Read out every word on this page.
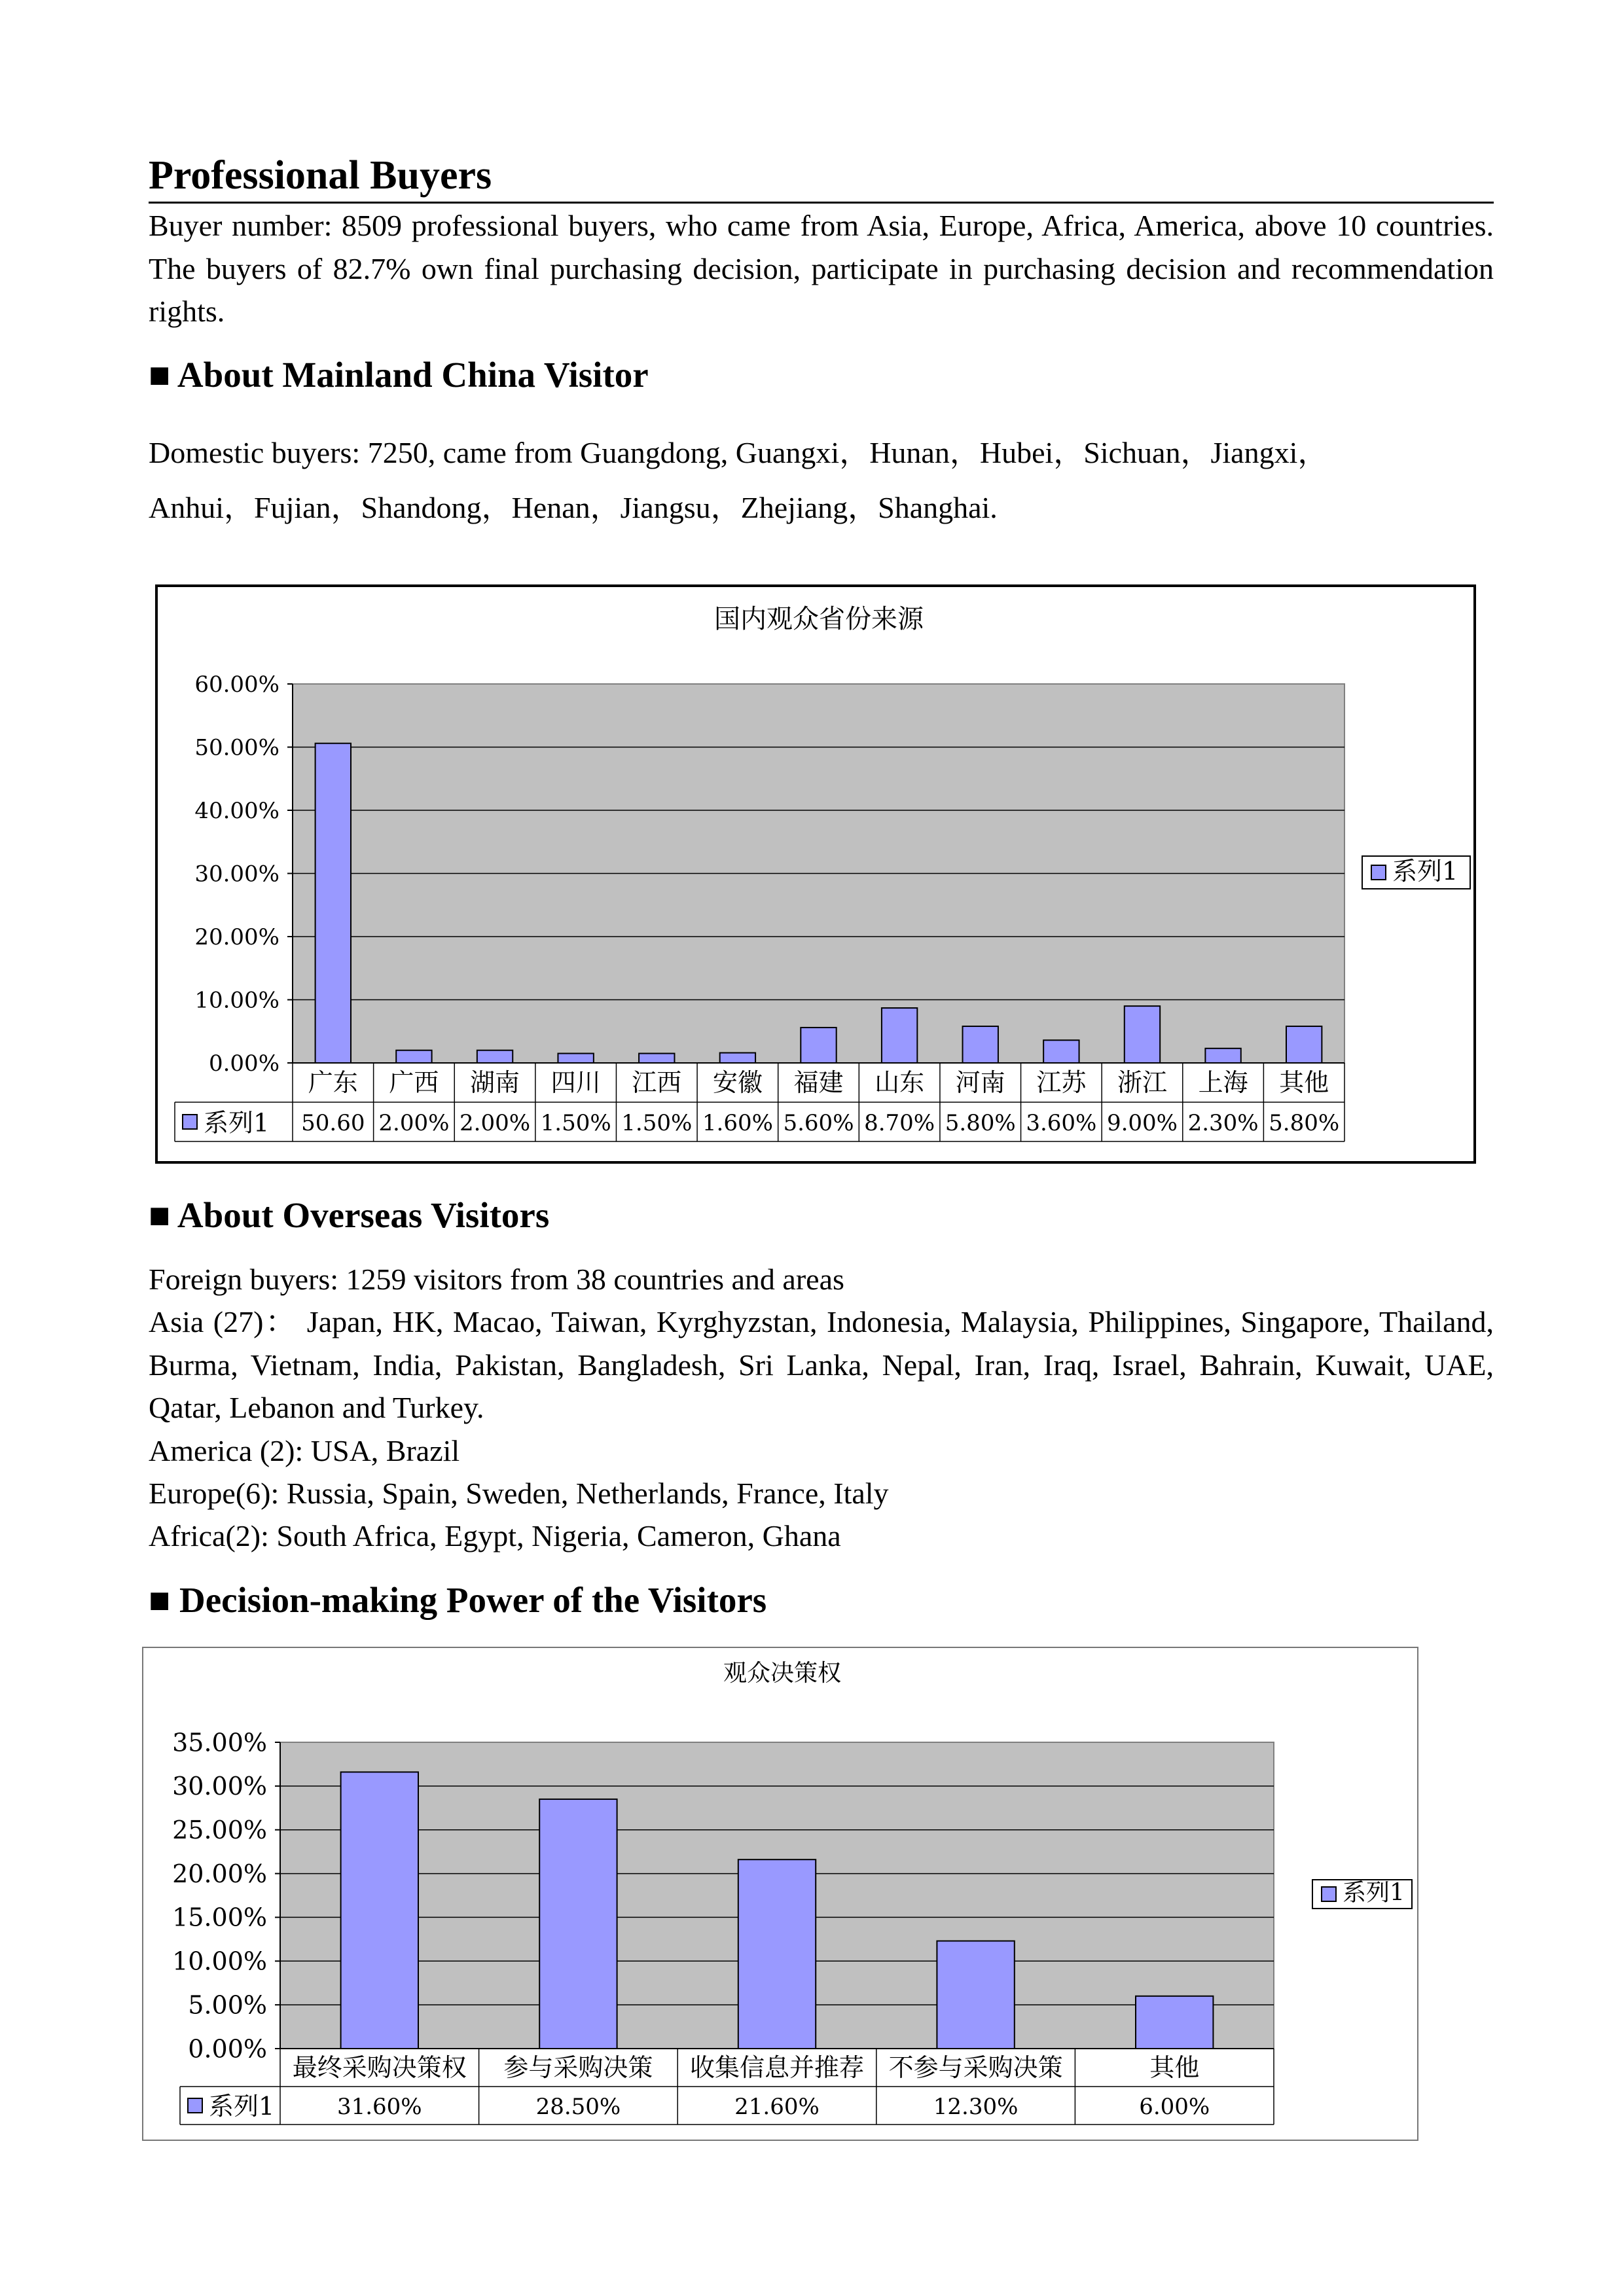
Professional Buyers
Buyer number: 8509 professional buyers, who came from Asia, Europe, Africa, America, above 10 countries. The buyers of 82.7% own final purchasing decision, participate in purchasing decision and recommendation rights.
■ About Mainland China Visitor
Domestic buyers: 7250, came from Guangdong, Guangxi，Hunan，Hubei，Sichuan，Jiangxi，
Anhui，Fujian，Shandong，Henan，Jiangsu，Zhejiang，Shanghai.
国内观众省份来源
0.00%
10.00%
20.00%
30.00%
40.00%
50.00%
60.00%
广东 广西 湖南 四川 江西 安徽 福建 山东 河南 江苏 浙江 上海 其他
50.60 2.00% 2.00% 1.50% 1.50% 1.60% 5.60% 8.70% 5.80% 3.60% 9.00% 2.30% 5.80%
系列1
系列1
■ About Overseas Visitors
Foreign buyers: 1259 visitors from 38 countries and areas
Asia (27)： Japan, HK, Macao, Taiwan, Kyrghyzstan, Indonesia, Malaysia, Philippines, Singapore, Thailand, Burma, Vietnam, India, Pakistan, Bangladesh, Sri Lanka, Nepal, Iran, Iraq, Israel, Bahrain, Kuwait, UAE, Qatar, Lebanon and Turkey.
America (2): USA, Brazil
Europe(6): Russia, Spain, Sweden, Netherlands, France, Italy
Africa(2): South Africa, Egypt, Nigeria, Cameron, Ghana
■ Decision-making Power of the Visitors
观众决策权
0.00%
5.00%
10.00%
15.00%
20.00%
25.00%
30.00%
35.00%
最终采购决策权 参与采购决策 收集信息并推荐 不参与采购决策	其他
31.60%	28.50%	21.60%	12.30%	6.00%
系列1
系列1
